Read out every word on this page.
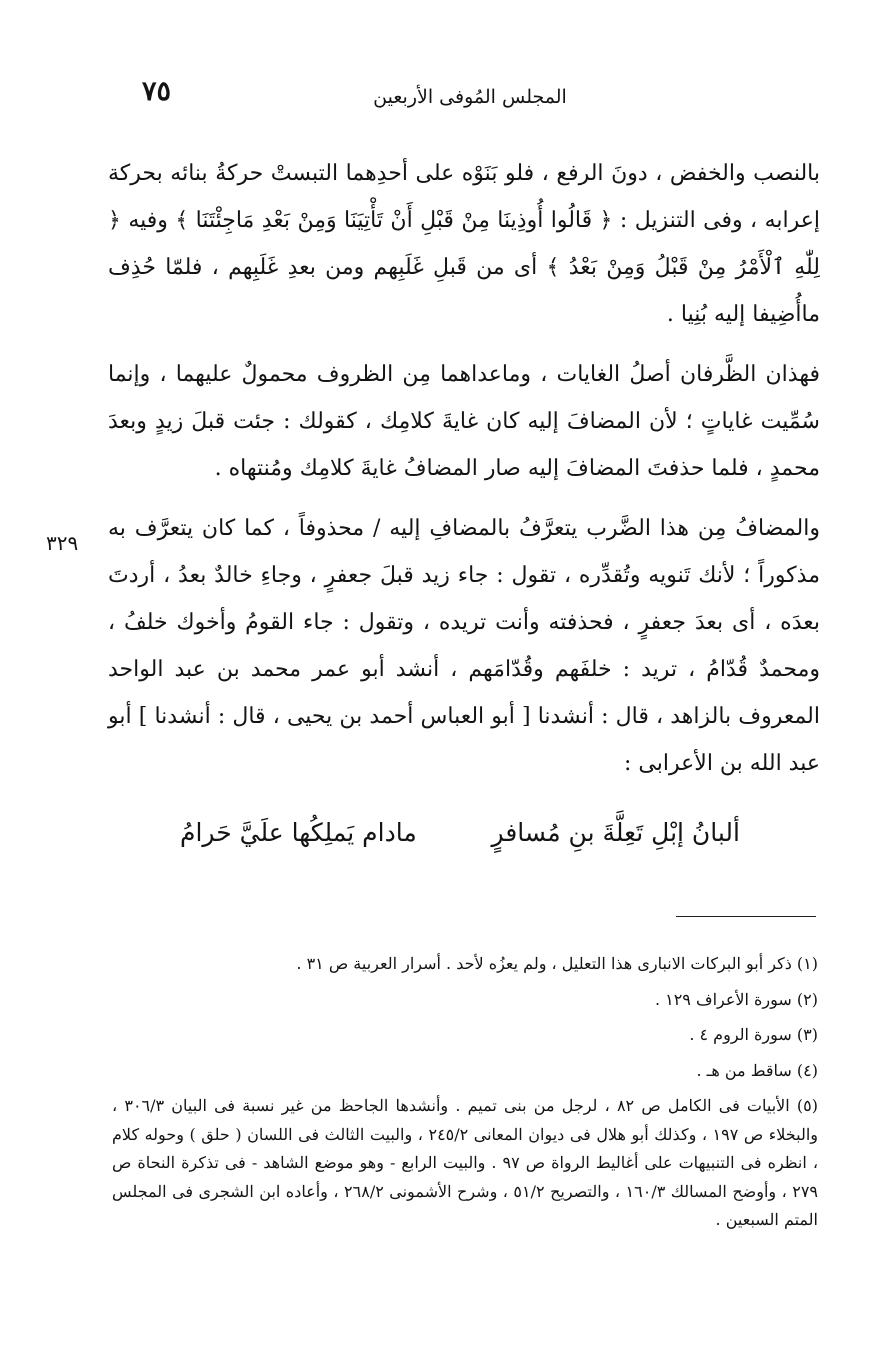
٧٥	المجلس المُوفى الأربعين

بالنصب والخفض ، دونَ الرفع ، فلو بَنَوْه على أحدِهما التبستْ حركةُ بنائه بحركة إعرابه ، وفى التنزيل : ﴿ قَالُوا أُوذِينَا مِنْ قَبْلِ أَنْ تَأْتِيَنَا وَمِنْ بَعْدِ مَاجِئْتَنَا ﴾ وفيه ﴿ لِلّٰهِ ٱلْأَمْرُ مِنْ قَبْلُ وَمِنْ بَعْدُ ﴾ أى من قَبلِ غَلَبِهم ومن بعدِ غَلَبِهم ، فلمّا حُذِف ماأُضِيفا إليه بُنِيا .

فهذان الظَّرفان أصلُ الغايات ، وماعداهما مِن الظروف محمولٌ عليهما ، وإنما سُمِّيت غاياتٍ ؛ لأن المضافَ إليه كان غايةَ كلامِك ، كقولك : جئت قبلَ زيدٍ وبعدَ محمدٍ ، فلما حذفتَ المضافَ إليه صار المضافُ غايةَ كلامِك ومُنتهاه .

والمضافُ مِن هذا الضَّرب يتعرَّفُ بالمضافِ إليه / محذوفاً ، كما كان يتعرَّف به مذكوراً ؛ لأنك تَنويه وتُقدِّره ، تقول : جاء زيد قبلَ جعفرٍ ، وجاءِ خالدٌ بعدُ ، أردتَ بعدَه ، أى بعدَ جعفرٍ ، فحذفته وأنت تريده ، وتقول : جاء القومُ وأخوك خلفُ ، ومحمدٌ قُدّامُ ، تريد : خلفَهم وقُدّامَهم ، أنشد أبو عمر محمد بن عبد الواحد المعروف بالزاهد ، قال : أنشدنا [ أبو العباس أحمد بن يحيى ، قال : أنشدنا ] أبو عبد الله بن الأعرابى :

٣٢٩
ألبانُ إبْلِ تَعِلَّةَ بنِ مُسافرٍ
مادام يَملِكُها علَيَّ حَرامُ

(١) ذكر أبو البركات الانبارى هذا التعليل ، ولم يعزُه لأحد . أسرار العربية ص ٣١ .

(٢) سورة الأعراف ١٢٩ .

(٣) سورة الروم ٤ .

(٤) ساقط من هـ .

(٥) الأبيات فى الكامل ص ٨٢ ، لرجل من بنى تميم . وأنشدها الجاحظ من غير نسبة فى البيان ٣٠٦/٣ ، والبخلاء ص ١٩٧ ، وكذلك أبو هلال فى ديوان المعانى ٢٤٥/٢ ، والبيت الثالث فى اللسان ( حلق ) وحوله كلام ، انظره فى التنبيهات على أغاليط الرواة ص ٩٧ . والبيت الرابع - وهو موضع الشاهد - فى تذكرة النحاة ص ٢٧٩ ، وأوضح المسالك ١٦٠/٣ ، والتصريح ٥١/٢ ، وشرح الأشمونى ٢٦٨/٢ ، وأعاده ابن الشجرى فى المجلس المتم السبعين .
